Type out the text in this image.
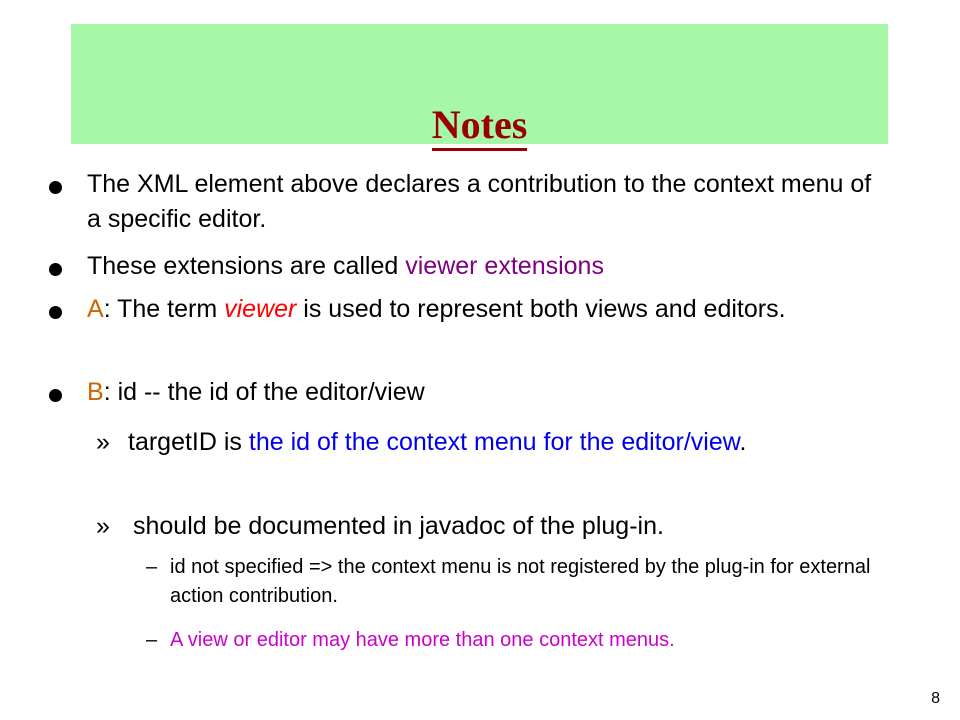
Notes
The XML element above declares a contribution to the context menu of a specific editor.
These extensions are called viewer extensions
A: The term viewer is used to represent both views and editors.
B: id -- the id of the editor/view
» targetID is the id of the context menu for the editor/view.
» should be documented in javadoc of the plug-in.
– id not specified => the context menu is not registered by the plug-in for external action contribution.
– A view or editor may have more than one context menus.
8
